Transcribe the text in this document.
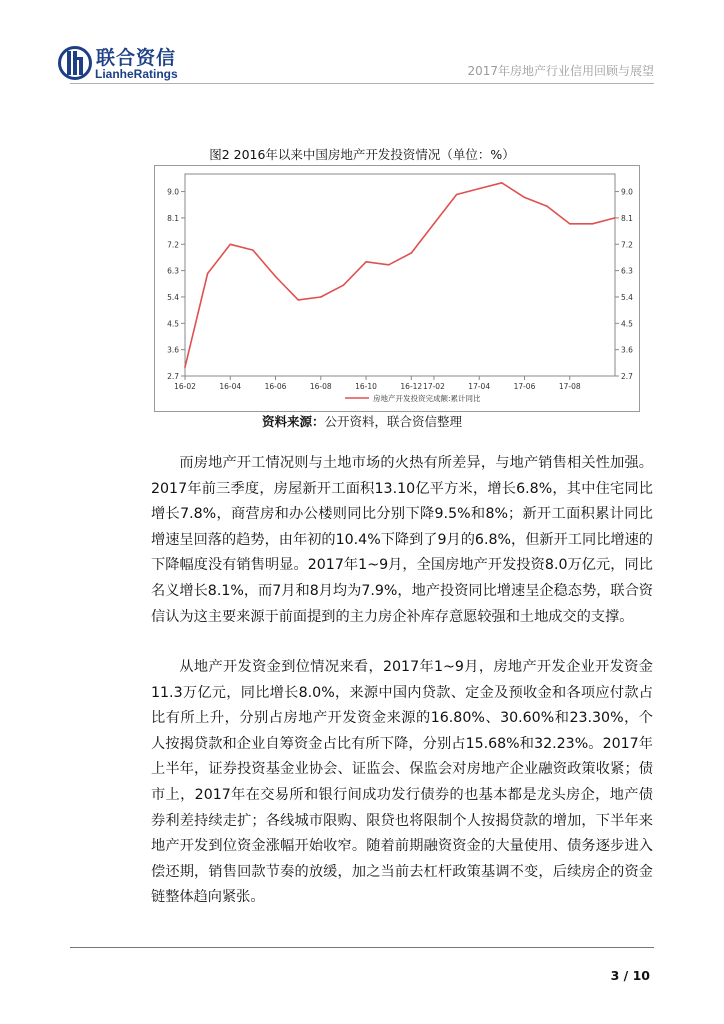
联合资信
LianheRatings	2017年房地产行业信用回顾与展望
图2 2016年以来中国房地产开发投资情况（单位：%）
2.7
3.6
4.5
5.4
6.3
7.2
8.1
9.0
2.7
3.6
4.5
5.4
6.3
7.2
8.1
9.0
16-02	16-04	16-06	16-08	16-10	16-12 17-02	17-04	17-06	17-08
房地产开发投资完成额:累计同比
资料来源：公开资料，联合资信整理
而房地产开工情况则与土地市场的火热有所差异，与地产销售相关性加强。2017年前三季度，房屋新开工面积13.10亿平方米，增长6.8%，其中住宅同比增长7.8%，商营房和办公楼则同比分别下降9.5%和8%；新开工面积累计同比增速呈回落的趋势，由年初的10.4%下降到了9月的6.8%，但新开工同比增速的下降幅度没有销售明显。2017年1~9月，全国房地产开发投资8.0万亿元，同比名义增长8.1%，而7月和8月均为7.9%，地产投资同比增速呈企稳态势，联合资信认为这主要来源于前面提到的主力房企补库存意愿较强和土地成交的支撑。
从地产开发资金到位情况来看，2017年1~9月，房地产开发企业开发资金11.3万亿元，同比增长8.0%，来源中国内贷款、定金及预收金和各项应付款占比有所上升，分别占房地产开发资金来源的16.80%、30.60%和23.30%，个人按揭贷款和企业自筹资金占比有所下降，分别占15.68%和32.23%。2017年上半年，证券投资基金业协会、证监会、保监会对房地产企业融资政策收紧；债市上，2017年在交易所和银行间成功发行债券的也基本都是龙头房企，地产债券利差持续走扩；各线城市限购、限贷也将限制个人按揭贷款的增加，下半年来地产开发到位资金涨幅开始收窄。随着前期融资资金的大量使用、债务逐步进入偿还期，销售回款节奏的放缓，加之当前去杠杆政策基调不变，后续房企的资金链整体趋向紧张。
3 / 10
